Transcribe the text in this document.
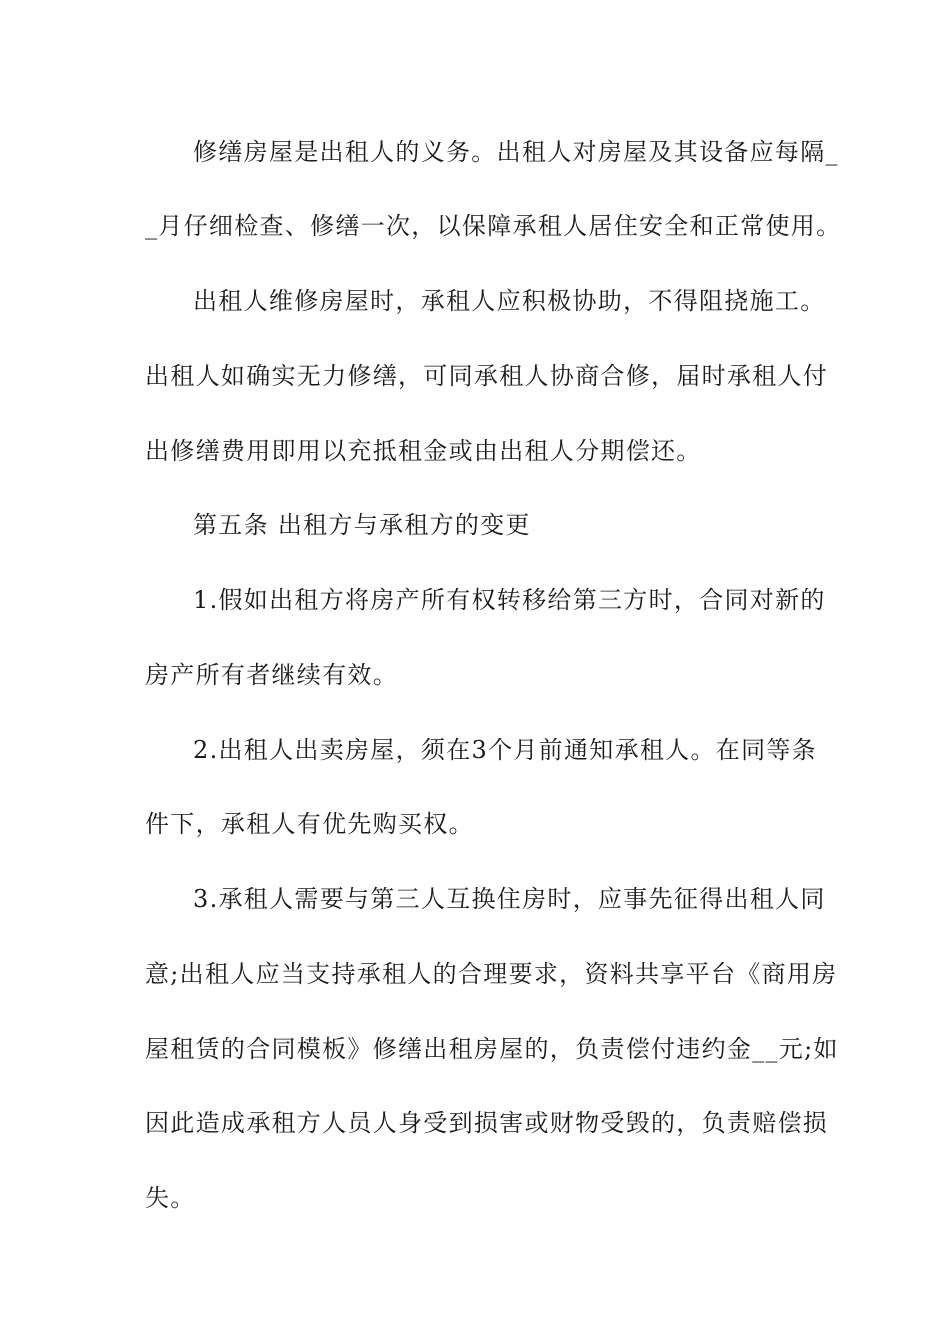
修缮房屋是出租人的义务。出租人对房屋及其设备应每隔_
_月仔细检查、修缮一次，以保障承租人居住安全和正常使用。
出租人维修房屋时，承租人应积极协助，不得阻挠施工。
出租人如确实无力修缮，可同承租人协商合修，届时承租人付
出修缮费用即用以充抵租金或由出租人分期偿还。
第五条 出租方与承租方的变更
1.假如出租方将房产所有权转移给第三方时，合同对新的
房产所有者继续有效。
2.出租人出卖房屋，须在3个月前通知承租人。在同等条
件下，承租人有优先购买权。
3.承租人需要与第三人互换住房时，应事先征得出租人同
意;出租人应当支持承租人的合理要求，资料共享平台《商用房
屋租赁的合同模板》修缮出租房屋的，负责偿付违约金__元;如
因此造成承租方人员人身受到损害或财物受毁的，负责赔偿损
失。
